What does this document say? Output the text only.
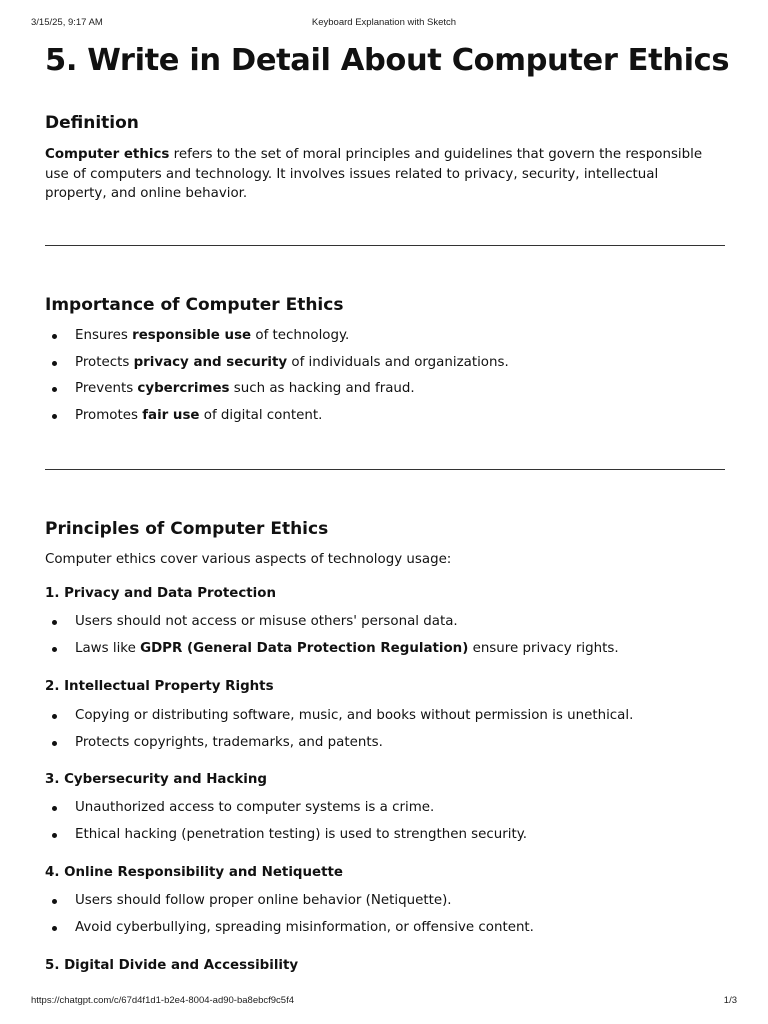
3/15/25, 9:17 AM	Keyboard Explanation with Sketch
5. Write in Detail About Computer Ethics
Definition

Computer ethics refers to the set of moral principles and guidelines that govern the responsible use of computers and technology. It involves issues related to privacy, security, intellectual property, and online behavior.

Importance of Computer Ethics
Ensures responsible use of technology.
Protects privacy and security of individuals and organizations.
Prevents cybercrimes such as hacking and fraud.
Promotes fair use of digital content.
Principles of Computer Ethics
Computer ethics cover various aspects of technology usage:
1. Privacy and Data Protection
Users should not access or misuse others' personal data.
Laws like GDPR (General Data Protection Regulation) ensure privacy rights.
2. Intellectual Property Rights
Copying or distributing software, music, and books without permission is unethical.
Protects copyrights, trademarks, and patents.
3. Cybersecurity and Hacking
Unauthorized access to computer systems is a crime.
Ethical hacking (penetration testing) is used to strengthen security.
4. Online Responsibility and Netiquette
Users should follow proper online behavior (Netiquette).
Avoid cyberbullying, spreading misinformation, or offensive content.
5. Digital Divide and Accessibility
https://chatgpt.com/c/67d4f1d1-b2e4-8004-ad90-ba8ebcf9c5f4	1/3
